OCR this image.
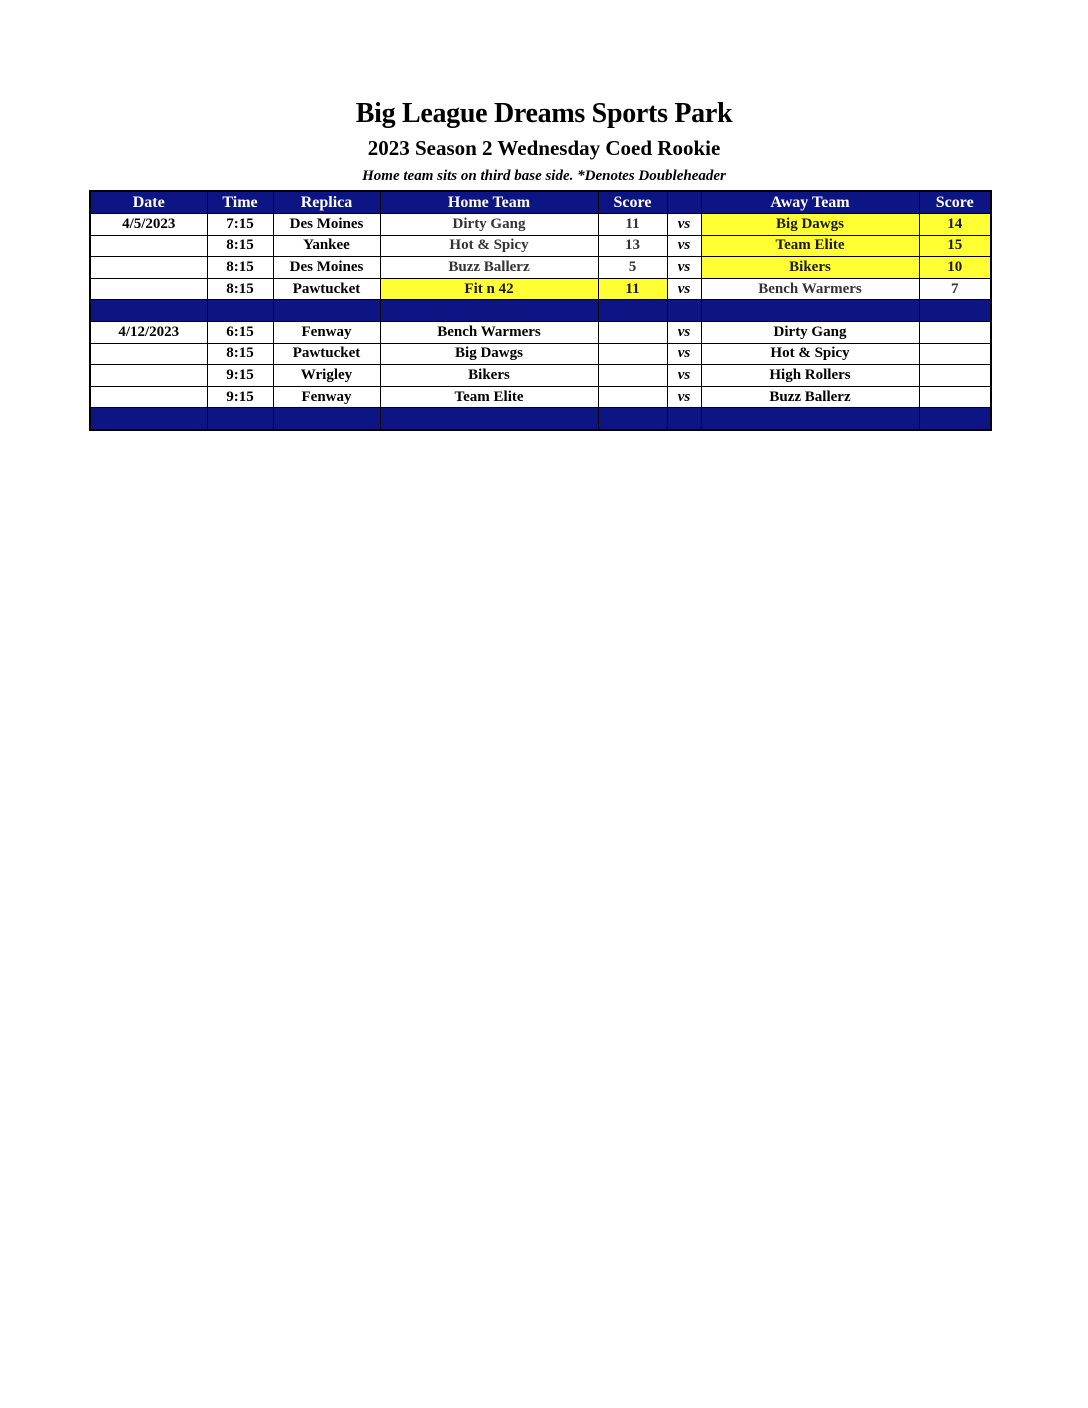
Big League Dreams Sports Park
2023 Season 2 Wednesday Coed Rookie
Home team sits on third base side. *Denotes Doubleheader
Date	Time	Replica	Home Team	Score		Away Team	Score
4/5/2023	7:15	Des Moines	Dirty Gang	11	vs	Big Dawgs	14
	8:15	Yankee	Hot & Spicy	13	vs	Team Elite	15
	8:15	Des Moines	Buzz Ballerz	5	vs	Bikers	10
	8:15	Pawtucket	Fit n 42	11	vs	Bench Warmers	7

4/12/2023	6:15	Fenway	Bench Warmers		vs	Dirty Gang	
	8:15	Pawtucket	Big Dawgs		vs	Hot & Spicy	
	9:15	Wrigley	Bikers		vs	High Rollers	
	9:15	Fenway	Team Elite		vs	Buzz Ballerz	
